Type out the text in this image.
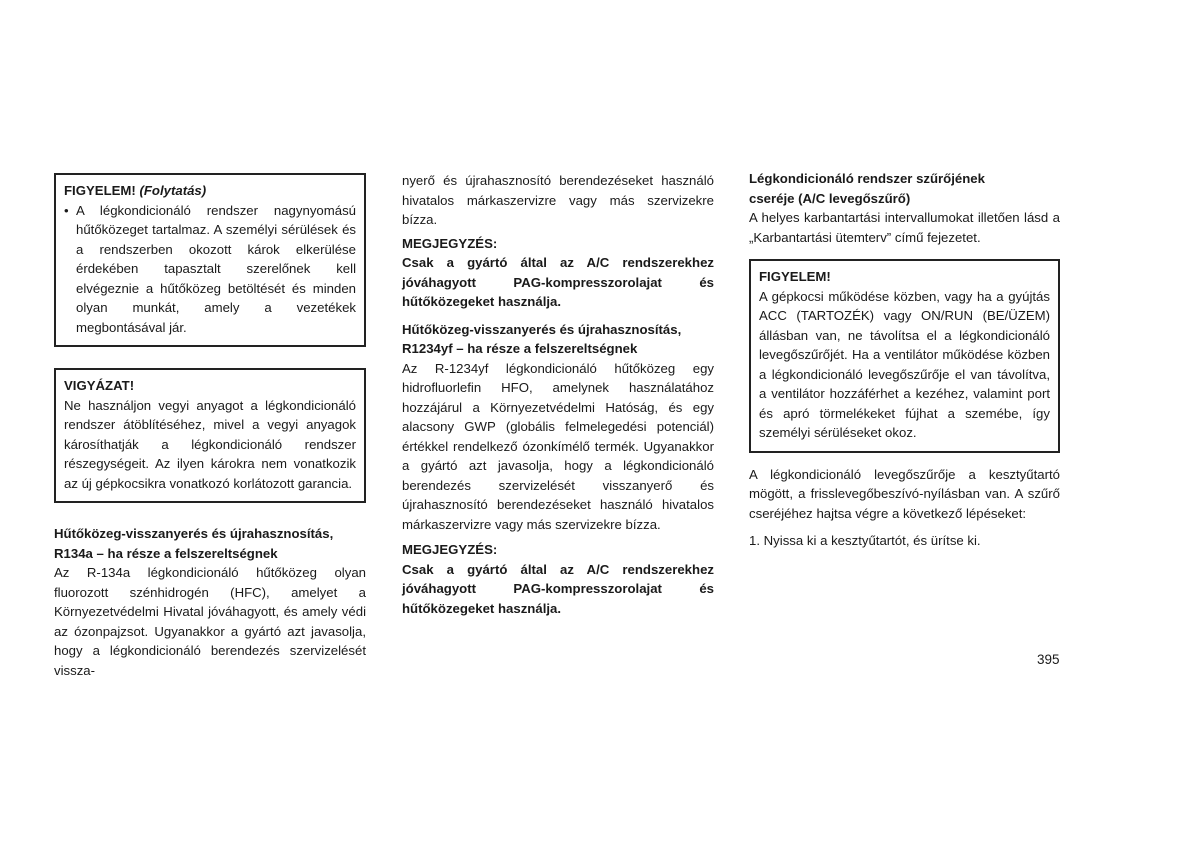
FIGYELEM! (Folytatás)
• A légkondicionáló rendszer nagynyomású hűtőközeget tartalmaz. A személyi sérülések és a rendszerben okozott károk elkerülése érdekében tapasztalt szerelőnek kell elvégeznie a hűtőközeg betöltését és minden olyan munkát, amely a vezetékek megbontásával jár.
VIGYÁZAT!
Ne használjon vegyi anyagot a légkondicionáló rendszer átöblítéséhez, mivel a vegyi anyagok károsíthatják a légkondicionáló rendszer részegységeit. Az ilyen károkra nem vonatkozik az új gépkocsikra vonatkozó korlátozott garancia.
Hűtőközeg-visszanyerés és újrahasznosítás,
R134a – ha része a felszereltségnek

Az R-134a légkondicionáló hűtőközeg olyan fluorozott szénhidrogén (HFC), amelyet a Környezetvédelmi Hivatal jóváhagyott, és amely védi az ózonpajzsot. Ugyanakkor a gyártó azt javasolja, hogy a légkondicionáló berendezés szervizelését vissza-

nyerő és újrahasznosító berendezéseket használó hivatalos márkaszervizre vagy más szervizekre bízza.

MEGJEGYZÉS:

Csak a gyártó által az A/C rendszerekhez jóváhagyott PAG-kompresszorolajat és hűtőközegeket használja.

Hűtőközeg-visszanyerés és újrahasznosítás,
R1234yf – ha része a felszereltségnek

Az R-1234yf légkondicionáló hűtőközeg egy hidrofluorlefin HFO, amelynek használatához hozzájárul a Környezetvédelmi Hatóság, és egy alacsony GWP (globális felmelegedési potenciál) értékkel rendelkező ózonkímélő termék. Ugyanakkor a gyártó azt javasolja, hogy a légkondicionáló berendezés szervizelését visszanyerő és újrahasznosító berendezéseket használó hivatalos márkaszervizre vagy más szervizekre bízza.

MEGJEGYZÉS:

Csak a gyártó által az A/C rendszerekhez jóváhagyott PAG-kompresszorolajat és hűtőközegeket használja.

Légkondicionáló rendszer szűrőjének
cseréje (A/C levegőszűrő)

A helyes karbantartási intervallumokat illetően lásd a „Karbantartási ütemterv” című fejezetet.

FIGYELEM!
A gépkocsi működése közben, vagy ha a gyújtás ACC (TARTOZÉK) vagy ON/RUN (BE/ÜZEM) állásban van, ne távolítsa el a légkondicionáló levegőszűrőjét. Ha a ventilátor működése közben a légkondicionáló levegőszűrője el van távolítva, a ventilátor hozzáférhet a kezéhez, valamint port és apró törmelékeket fújhat a szemébe, így személyi sérüléseket okoz.

A légkondicionáló levegőszűrője a kesztyűtartó mögött, a frisslevegőbeszívó-nyílásban van. A szűrő cseréjéhez hajtsa végre a következő lépéseket:

1. Nyissa ki a kesztyűtartót, és ürítse ki.

395
